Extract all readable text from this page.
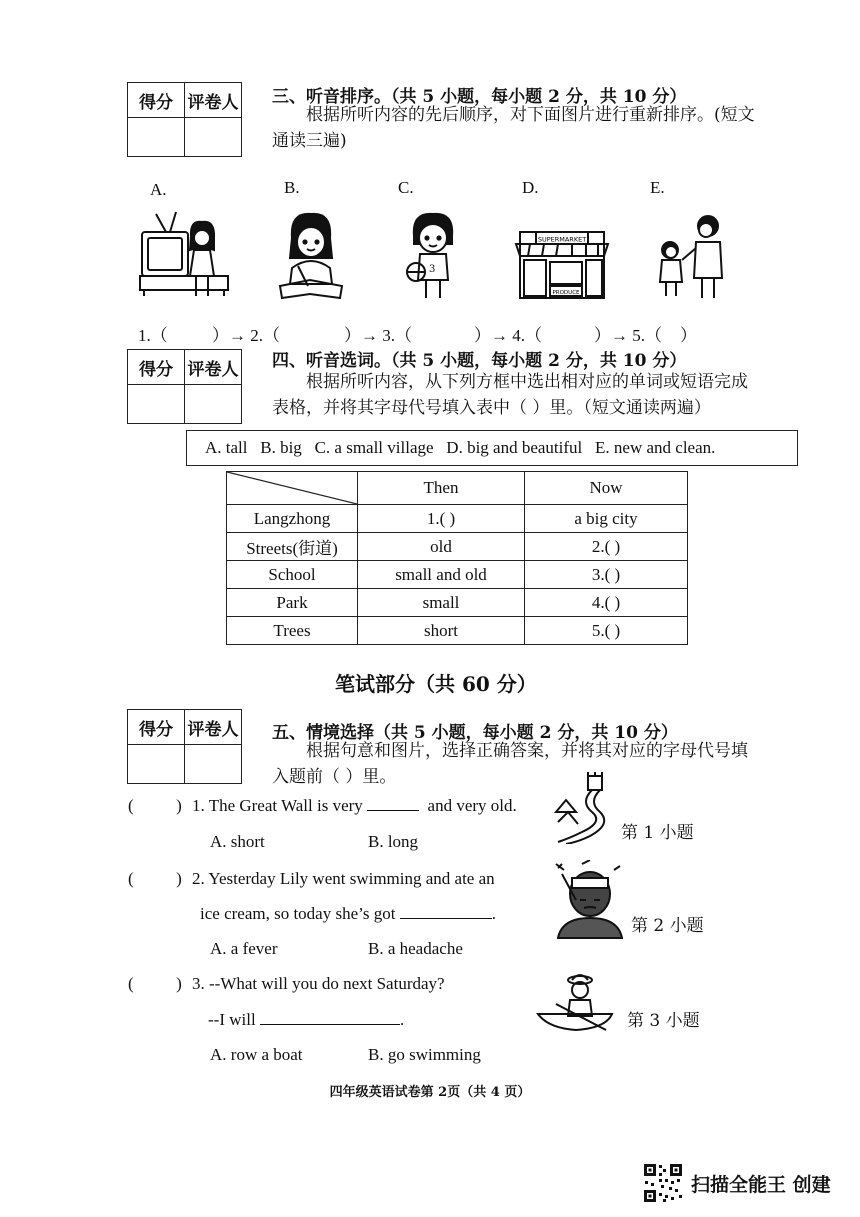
得分	评卷人
	三、听音排序。（共 5 小题，每小题 2 分，共 10 分）
根据所听内容的先后顺序，对下面图片进行重新排序。(短文通读三遍)
A.	B.	C.	D.	E.
3
SUPERMARKET
PRODUCE
1.（	）→ 2.（	）→ 3.（	）→ 4.（	）→ 5.（ ）
得分	评卷人
	四、听音选词。（共 5 小题，每小题 2 分，共 10 分）
根据所听内容，从下列方框中选出相对应的单词或短语完成表格，并将其字母代号填入表中（ ）里。（短文通读两遍）
A. tall B. big C. a small village D. big and beautiful E. new and clean.
	Then	Now
Langzhong	1.( )	a big city
Streets(街道)	old	2.( )
School	small and old	3.( )
Park	small	4.( )
Trees	short	5.( )
笔试部分（共 60 分）
得分	评卷人
	五、情境选择（共 5 小题，每小题 2 分，共 10 分）
根据句意和图片，选择正确答案，并将其对应的字母代号填入题前（ ）里。
(          ) 1. The Great Wall is very	and very old.
A. short	B. long	第 1 小题
(          ) 2. Yesterday Lily went swimming and ate an
ice cream, so today she’s got	.
A. a fever	B. a headache
第 2 小题
(          ) 3. --What will you do next Saturday?
--I will	.
A. row a boat	B. go swimming
第 3 小题
四年级英语试卷第 2页（共 4 页）
扫描全能王 创建
